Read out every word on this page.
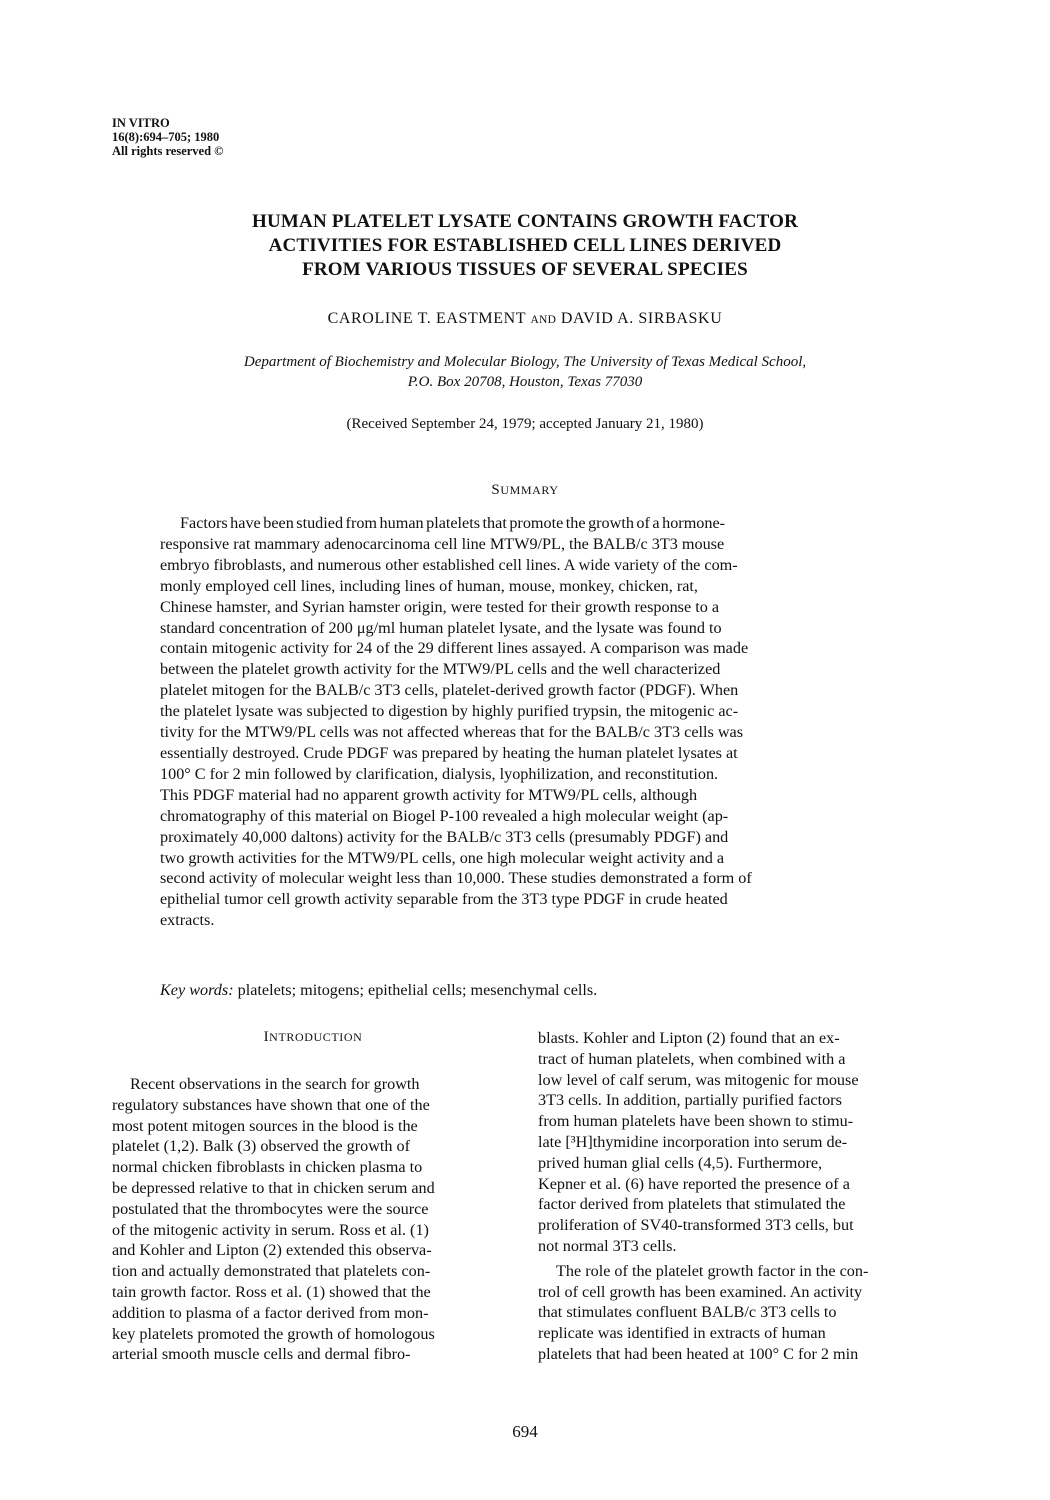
IN VITRO
16(8):694–705; 1980
All rights reserved ©
HUMAN PLATELET LYSATE CONTAINS GROWTH FACTOR
ACTIVITIES FOR ESTABLISHED CELL LINES DERIVED
FROM VARIOUS TISSUES OF SEVERAL SPECIES
CAROLINE T. EASTMENT AND DAVID A. SIRBASKU
Department of Biochemistry and Molecular Biology, The University of Texas Medical School,
P.O. Box 20708, Houston, Texas 77030
(Received September 24, 1979; accepted January 21, 1980)
SUMMARY
Factors have been studied from human platelets that promote the growth of a hormone-
responsive rat mammary adenocarcinoma cell line MTW9/PL, the BALB/c 3T3 mouse
embryo fibroblasts, and numerous other established cell lines. A wide variety of the com-
monly employed cell lines, including lines of human, mouse, monkey, chicken, rat,
Chinese hamster, and Syrian hamster origin, were tested for their growth response to a
standard concentration of 200 μg/ml human platelet lysate, and the lysate was found to
contain mitogenic activity for 24 of the 29 different lines assayed. A comparison was made
between the platelet growth activity for the MTW9/PL cells and the well characterized
platelet mitogen for the BALB/c 3T3 cells, platelet-derived growth factor (PDGF). When
the platelet lysate was subjected to digestion by highly purified trypsin, the mitogenic ac-
tivity for the MTW9/PL cells was not affected whereas that for the BALB/c 3T3 cells was
essentially destroyed. Crude PDGF was prepared by heating the human platelet lysates at
100° C for 2 min followed by clarification, dialysis, lyophilization, and reconstitution.
This PDGF material had no apparent growth activity for MTW9/PL cells, although
chromatography of this material on Biogel P-100 revealed a high molecular weight (ap-
proximately 40,000 daltons) activity for the BALB/c 3T3 cells (presumably PDGF) and
two growth activities for the MTW9/PL cells, one high molecular weight activity and a
second activity of molecular weight less than 10,000. These studies demonstrated a form of
epithelial tumor cell growth activity separable from the 3T3 type PDGF in crude heated
extracts.
Key words: platelets; mitogens; epithelial cells; mesenchymal cells.
INTRODUCTION
Recent observations in the search for growth
regulatory substances have shown that one of the
most potent mitogen sources in the blood is the
platelet (1,2). Balk (3) observed the growth of
normal chicken fibroblasts in chicken plasma to
be depressed relative to that in chicken serum and
postulated that the thrombocytes were the source
of the mitogenic activity in serum. Ross et al. (1)
and Kohler and Lipton (2) extended this observa-
tion and actually demonstrated that platelets con-
tain growth factor. Ross et al. (1) showed that the
addition to plasma of a factor derived from mon-
key platelets promoted the growth of homologous
arterial smooth muscle cells and dermal fibro-
blasts. Kohler and Lipton (2) found that an ex-
tract of human platelets, when combined with a
low level of calf serum, was mitogenic for mouse
3T3 cells. In addition, partially purified factors
from human platelets have been shown to stimu-
late [³H]thymidine incorporation into serum de-
prived human glial cells (4,5). Furthermore,
Kepner et al. (6) have reported the presence of a
factor derived from platelets that stimulated the
proliferation of SV40-transformed 3T3 cells, but
not normal 3T3 cells.
The role of the platelet growth factor in the con-
trol of cell growth has been examined. An activity
that stimulates confluent BALB/c 3T3 cells to
replicate was identified in extracts of human
platelets that had been heated at 100° C for 2 min
694
